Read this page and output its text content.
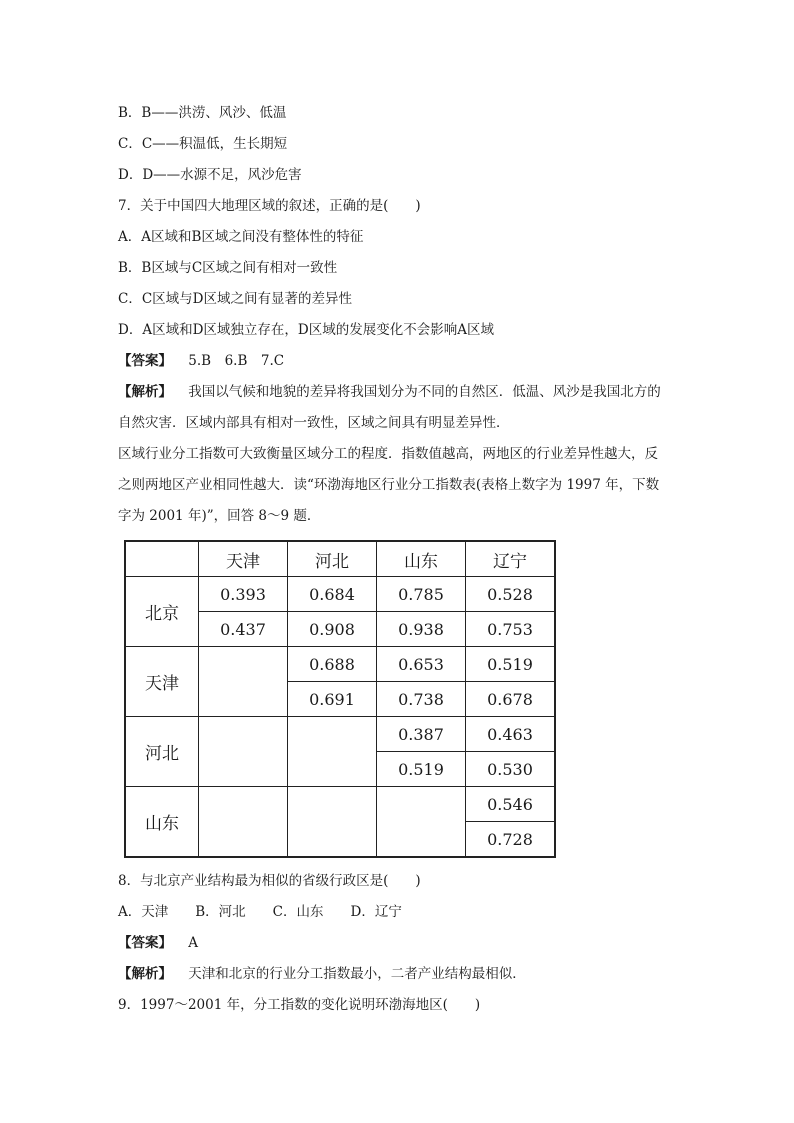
B．B——洪涝、风沙、低温
C．C——积温低，生长期短
D．D——水源不足，风沙危害
7．关于中国四大地理区域的叙述，正确的是(　　)
A．A区域和B区域之间没有整体性的特征
B．B区域与C区域之间有相对一致性
C．C区域与D区域之间有显著的差异性
D．A区域和D区域独立存在，D区域的发展变化不会影响A区域
【答案】 5.B　6.B　7.C
【解析】 我国以气候和地貌的差异将我国划分为不同的自然区．低温、风沙是我国北方的
自然灾害．区域内部具有相对一致性，区域之间具有明显差异性．
区域行业分工指数可大致衡量区域分工的程度．指数值越高，两地区的行业差异性越大，反
之则两地区产业相同性越大．读“环渤海地区行业分工指数表(表格上数字为 1997 年，下数
字为 2001 年)”，回答 8～9 题．
	天津	河北	山东	辽宁
北京	0.393	0.684	0.785	0.528
	0.437	0.908	0.938	0.753
天津		0.688	0.653	0.519
		0.691	0.738	0.678
河北			0.387	0.463
			0.519	0.530
山东				0.546
				0.728
8．与北京产业结构最为相似的省级行政区是(　　)
A．天津　　B．河北　　C．山东　　D．辽宁
【答案】 A
【解析】 天津和北京的行业分工指数最小，二者产业结构最相似．
9．1997～2001 年，分工指数的变化说明环渤海地区(　　)
